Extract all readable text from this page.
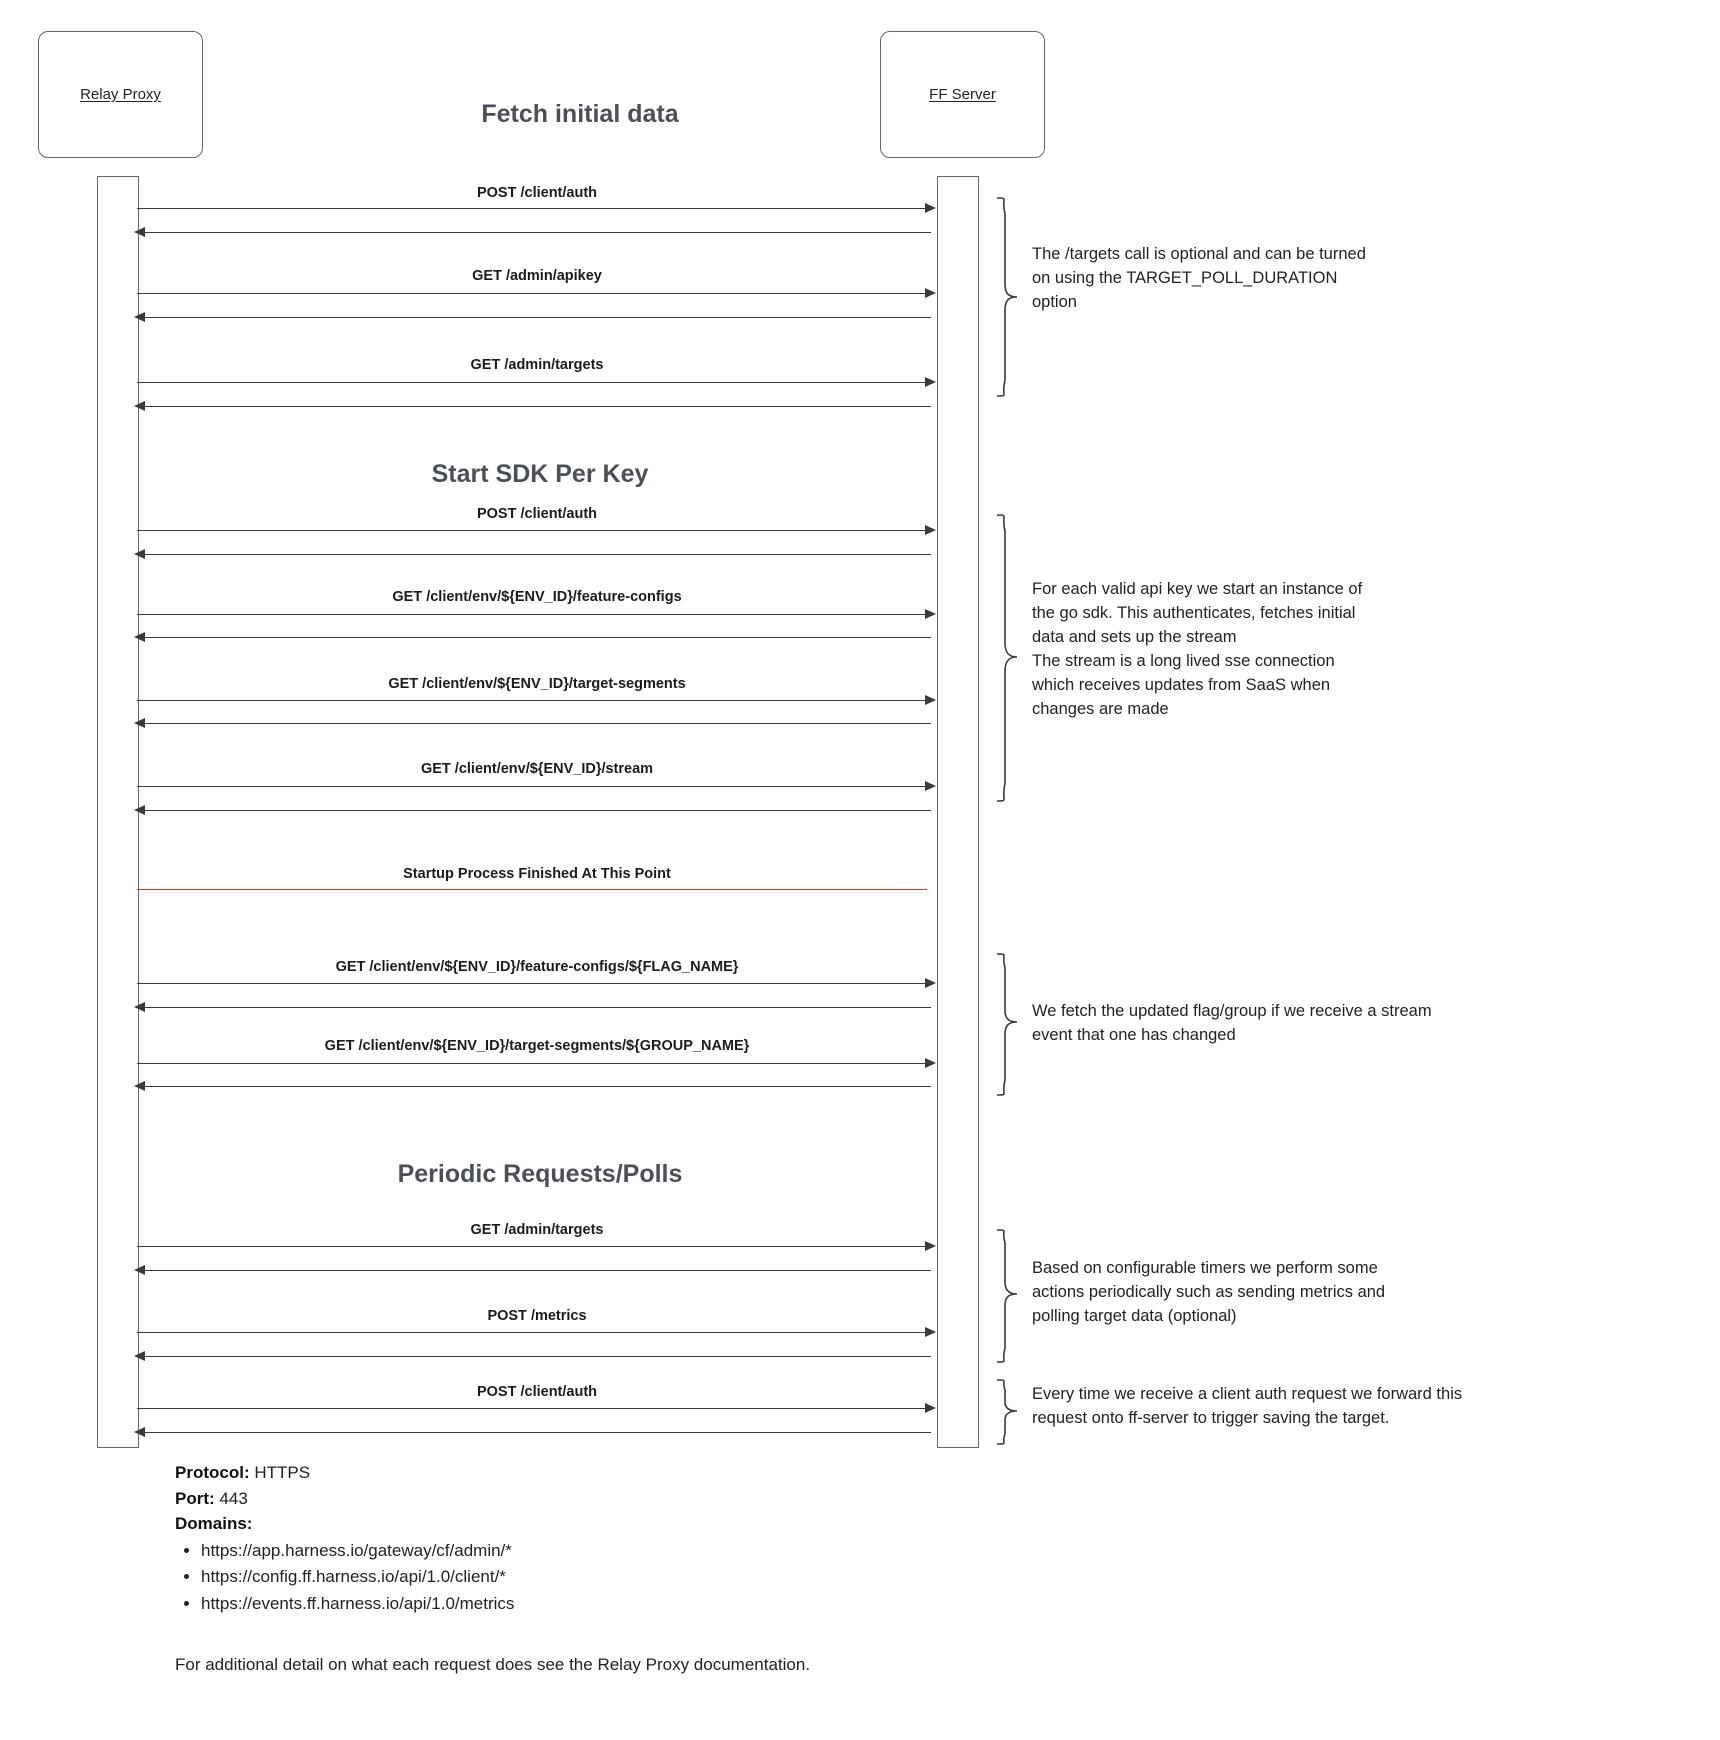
Relay Proxy	FF Server
Fetch initial data
Start SDK Per Key
Periodic Requests/Polls
POST /client/auth
GET /admin/apikey
GET /admin/targets
POST /client/auth
GET /client/env/${ENV_ID}/feature-configs
GET /client/env/${ENV_ID}/target-segments
GET /client/env/${ENV_ID}/stream
Startup Process Finished At This Point
GET /client/env/${ENV_ID}/feature-configs/${FLAG_NAME}
GET /client/env/${ENV_ID}/target-segments/${GROUP_NAME}
GET /admin/targets
POST /metrics
POST /client/auth
The /targets call is optional and can be turned
on using the TARGET_POLL_DURATION
option
For each valid api key we start an instance of
the go sdk. This authenticates, fetches initial
data and sets up the stream
The stream is a long lived sse connection
which receives updates from SaaS when
changes are made
We fetch the updated flag/group if we receive a stream
event that one has changed
Based on configurable timers we perform some
actions periodically such as sending metrics and
polling target data (optional)
Every time we receive a client auth request we forward this
request onto ff-server to trigger saving the target.
Protocol: HTTPS
Port: 443
Domains:
• https://app.harness.io/gateway/cf/admin/*
• https://config.ff.harness.io/api/1.0/client/*
• https://events.ff.harness.io/api/1.0/metrics
For additional detail on what each request does see the Relay Proxy documentation.
